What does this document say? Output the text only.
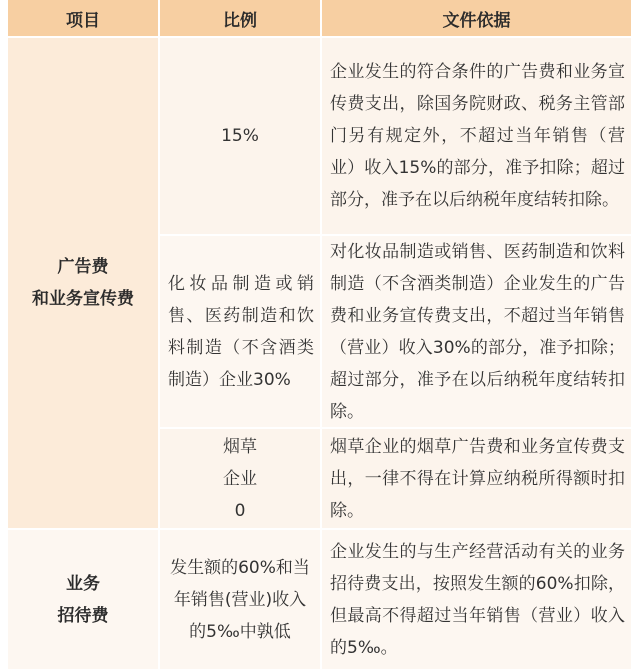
项目	比例	文件依据
广告费
和业务宣传费
15%
企业发生的符合条件的广告费和业务宣传费支出，除国务院财政、税务主管部门另有规定外，不超过当年销售（营业）收入15%的部分，准予扣除；超过部分，准予在以后纳税年度结转扣除。
化妆品制造或销售、医药制造和饮料制造（不含酒类制造）企业30%
对化妆品制造或销售、医药制造和饮料制造（不含酒类制造）企业发生的广告费和业务宣传费支出，不超过当年销售（营业）收入30%的部分，准予扣除；超过部分，准予在以后纳税年度结转扣除。
烟草
企业
0
烟草企业的烟草广告费和业务宣传费支出，一律不得在计算应纳税所得额时扣除。
业务
招待费
发生额的60%和当年销售(营业)收入的5‰中孰低
企业发生的与生产经营活动有关的业务招待费支出，按照发生额的60%扣除，但最高不得超过当年销售（营业）收入的5‰。
